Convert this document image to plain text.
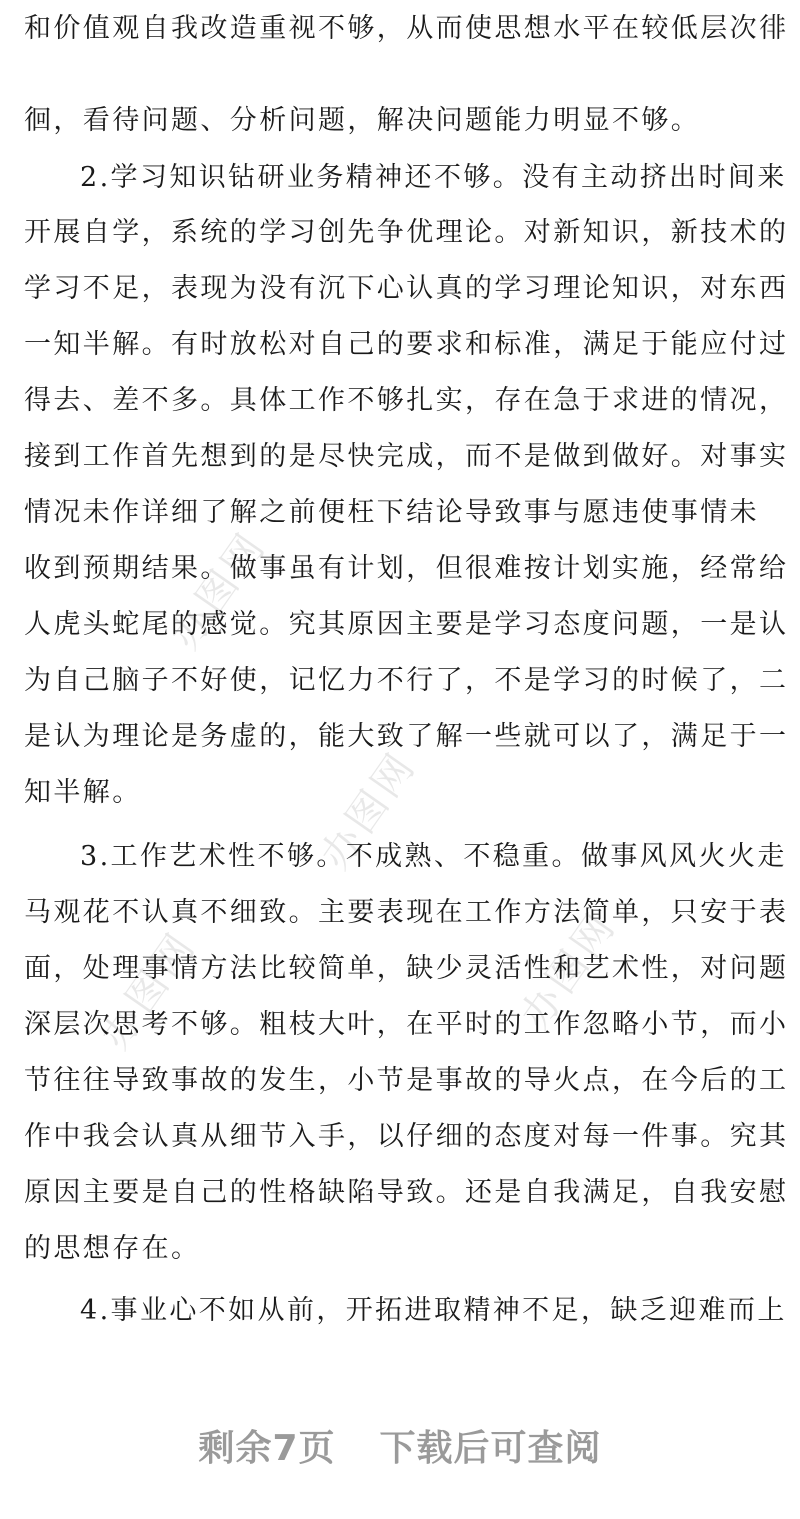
办图网
办图网
办图网	办图网
和价值观自我改造重视不够，从而使思想水平在较低层次徘
徊，看待问题、分析问题，解决问题能力明显不够。
2.学习知识钻研业务精神还不够。没有主动挤出时间来
开展自学，系统的学习创先争优理论。对新知识，新技术的
学习不足，表现为没有沉下心认真的学习理论知识，对东西
一知半解。有时放松对自己的要求和标准，满足于能应付过
得去、差不多。具体工作不够扎实，存在急于求进的情况，
接到工作首先想到的是尽快完成，而不是做到做好。对事实
情况未作详细了解之前便枉下结论导致事与愿违使事情未
收到预期结果。做事虽有计划，但很难按计划实施，经常给
人虎头蛇尾的感觉。究其原因主要是学习态度问题，一是认
为自己脑子不好使，记忆力不行了，不是学习的时候了，二
是认为理论是务虚的，能大致了解一些就可以了，满足于一
知半解。
3.工作艺术性不够。不成熟、不稳重。做事风风火火走
马观花不认真不细致。主要表现在工作方法简单，只安于表
面，处理事情方法比较简单，缺少灵活性和艺术性，对问题
深层次思考不够。粗枝大叶，在平时的工作忽略小节，而小
节往往导致事故的发生，小节是事故的导火点，在今后的工
作中我会认真从细节入手，以仔细的态度对每一件事。究其
原因主要是自己的性格缺陷导致。还是自我满足，自我安慰
的思想存在。
4.事业心不如从前，开拓进取精神不足，缺乏迎难而上
剩余7页 下载后可查阅
